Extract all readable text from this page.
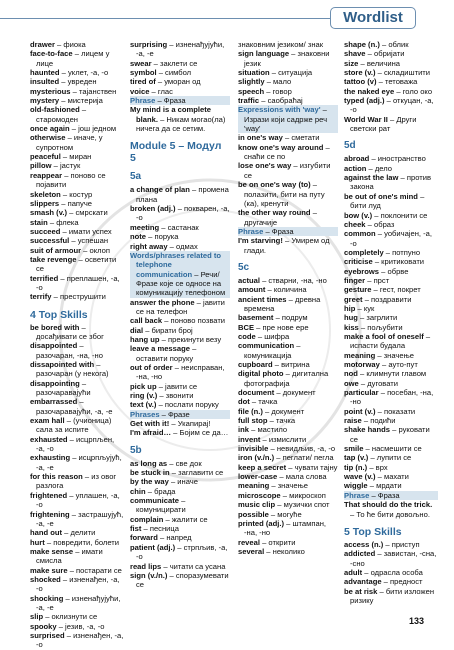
Wordlist

drawer – фиока

face-to-face – лицем у лице

haunted – уклет, -а, -о

insulted – увреден

mysterious – тајанствен

mystery – мистерија

old-fashioned – старомоден

once again – још једном

otherwise – иначе, у супротном

peaceful – миран

pillow – јастук

reappear – поново се појавити

skeleton – костур

slippers – папуче

smash (v.) – смрскати

stain – флека

succeed – имати успех

successful – успешан

suit of armour – оклоп

take revenge – осветити се

terrified – преплашен, -а, -о

terrify – преструшити

4 Top Skills

be bored with – досађивати се због

disappointed – разочаран, -на, -но

dissapointed with – разочаран (у некога)

disappointing – разочаравајући

embarrassed – разочаравајући, -а, -е

exam hall – (учионица) сала за испите

exhausted – исцрпљен, -а, -о

exhausting – исцрпљујућ, -а, -е

for this reason – из овог разлога

frightened – уплашен, -а, -о

frightening – застрашујућ, -а, -е

hand out – делити

hurt – повредити, болети

make sense – имати смисла

make sure – постарати се

shocked – изненађен, -а, -о

shocking – изненађујући, -а, -е

slip – оклизнути се

spooky – језив, -а, -о

surprised – изненађен, -а, -о

surprising – изненађујући, -а, -е

swear – заклети се

symbol – симбол

tired of – уморан од

voice – глас

Phrase – Фраза

My mind is a complete blank. – Никам могао(ла) ничега да се сетим.

Module 5 – Модул 5
5a

a change of plan – промена плана

broken (adj.) – покварен, -а, -о

meeting – састанак

note – порука

right away – одмах

Words/phrases related to telephone communication – Речи/ Фразе које се односе на комуникацију телефоном

answer the phone – јавити се на телефон

call back – поново позвати

dial – бирати број

hang up – прекинути везу

leave a message – оставити поруку

out of order – неисправан, -на, -но

pick up – јавити се

ring (v.) – звонити

text (v.) – послати поруку

Phrases – Фразе

Get with it! – Укапирај!

I'm afraid… – Бојим се да…

5b

as long as – све док

be stuck in – заглавити се

by the way – иначе

chin – брада

communicate – комуницирати

complain – жалити се

fist – песница

forward – напред

patient (adj.) – стрпљив, -а, -о

read lips – читати са усана

sign (v./n.) – споразумевати се

знаковним језиком/ знак

sign language – знаковни језик

situation – ситуација

slightly – мало

speech – говор

traffic – саобраћај

Expressions with 'way' – Изрази који садрже реч 'way'

in one's way – сметати

know one's way around – снаћи се по

lose one's way – изгубити се

be on one's way (to) – полазити, бити на путу (ка), кренути

the other way round – другачије

Phrase – Фраза

I'm starving! – Умирем од глади.

5c

actual – стварни, -на, -но

amount – количина

ancient times – древна времена

basement – подрум

BCE – пре нове ере

code – шифра

communication – комуникација

cupboard – витрина

digital photo – дигитална фотографија

document – документ

dot – тачка

file (n.) – документ

full stop – тачка

ink – мастило

invent – измислити

invisible – невидљив, -а, -о

iron (v./n.) – пеглати/ пегла

keep a secret – чувати тајну

lower-case – мала слова

meaning – значење

microscope – микроскоп

music clip – музички спот

possible – могуће

printed (adj.) – штампан, -на, -но

reveal – открити

several – неколико

shape (n.) – облик

shave – обријати

size – величина

store (v.) – складиштити

tattoo (v) – тетоважа

the naked eye – голо око

typed (adj.) – откуцан, -а, -о

World War II – Други светски рат

5d

abroad – иностранство

action – дело

against the law – против закона

be out of one's mind – бити луд

bow (v.) – поклонити се

cheek – образ

common – уобичајен, -а, -о

completely – потпуно

criticise – критиковати

eyebrows – обрве

finger – прст

gesture – гест, покрет

greet – поздравити

hip – кук

hug – загрлити

kiss – пољубити

make a fool of oneself – испасти будала

meaning – значење

motorway – ауто-пут

nod – климнути главом

owe – дуговати

particular – посебан, -на, -но

point (v.) – показати

raise – подићи

shake hands – руковати се

smile – насмешити се

tap (v.) – лупити се

tip (n.) – врх

wave (v.) – махати

wiggle – мрдати

Phrase – Фраза

That should do the trick. – То ће бити довољно.

5 Top Skills

access (n.) – приступ

addicted – завистан, -сна, -сно

adult – одрасла особа

advantage – предност

be at risk – бити изложен ризику

133
